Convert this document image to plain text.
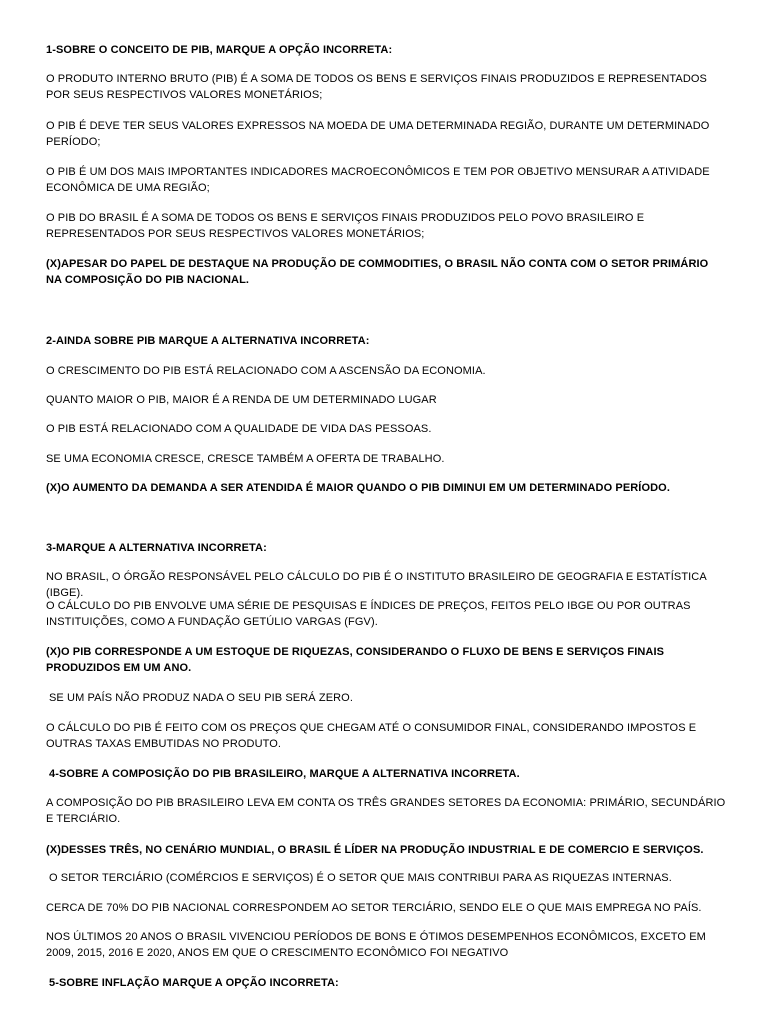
1-SOBRE O CONCEITO DE PIB, MARQUE A OPÇÃO INCORRETA:

O PRODUTO INTERNO BRUTO (PIB) É A SOMA DE TODOS OS BENS E SERVIÇOS FINAIS PRODUZIDOS E REPRESENTADOS POR SEUS RESPECTIVOS VALORES MONETÁRIOS;

O PIB É DEVE TER SEUS VALORES EXPRESSOS NA MOEDA DE UMA DETERMINADA REGIÃO, DURANTE UM DETERMINADO PERÍODO;

O PIB É UM DOS MAIS IMPORTANTES INDICADORES MACROECONÔMICOS E TEM POR OBJETIVO MENSURAR A ATIVIDADE ECONÔMICA DE UMA REGIÃO;

O PIB DO BRASIL É A SOMA DE TODOS OS BENS E SERVIÇOS FINAIS PRODUZIDOS PELO POVO BRASILEIRO E REPRESENTADOS POR SEUS RESPECTIVOS VALORES MONETÁRIOS;

(X)APESAR DO PAPEL DE DESTAQUE NA PRODUÇÃO DE COMMODITIES, O BRASIL NÃO CONTA COM O SETOR PRIMÁRIO NA COMPOSIÇÃO DO PIB NACIONAL.

2-AINDA SOBRE PIB MARQUE A ALTERNATIVA INCORRETA:

O CRESCIMENTO DO PIB ESTÁ RELACIONADO COM A ASCENSÃO DA ECONOMIA.

QUANTO MAIOR O PIB, MAIOR É A RENDA DE UM DETERMINADO LUGAR

O PIB ESTÁ RELACIONADO COM A QUALIDADE DE VIDA DAS PESSOAS.

SE UMA ECONOMIA CRESCE, CRESCE TAMBÉM A OFERTA DE TRABALHO.

(X)O AUMENTO DA DEMANDA A SER ATENDIDA É MAIOR QUANDO O PIB DIMINUI EM UM DETERMINADO PERÍODO.

3-MARQUE A ALTERNATIVA INCORRETA:

NO BRASIL, O ÓRGÃO RESPONSÁVEL PELO CÁLCULO DO PIB É O INSTITUTO BRASILEIRO DE GEOGRAFIA E ESTATÍSTICA (IBGE).

O CÁLCULO DO PIB ENVOLVE UMA SÉRIE DE PESQUISAS E ÍNDICES DE PREÇOS, FEITOS PELO IBGE OU POR OUTRAS INSTITUIÇÕES, COMO A FUNDAÇÃO GETÚLIO VARGAS (FGV).

(X)O PIB CORRESPONDE A UM ESTOQUE DE RIQUEZAS, CONSIDERANDO O FLUXO DE BENS E SERVIÇOS FINAIS PRODUZIDOS EM UM ANO.

SE UM PAÍS NÃO PRODUZ NADA O SEU PIB SERÁ ZERO.

O CÁLCULO DO PIB É FEITO COM OS PREÇOS QUE CHEGAM ATÉ O CONSUMIDOR FINAL, CONSIDERANDO IMPOSTOS E OUTRAS TAXAS EMBUTIDAS NO PRODUTO.

4-SOBRE A COMPOSIÇÃO DO PIB BRASILEIRO, MARQUE A ALTERNATIVA INCORRETA.

A COMPOSIÇÃO DO PIB BRASILEIRO LEVA EM CONTA OS TRÊS GRANDES SETORES DA ECONOMIA: PRIMÁRIO, SECUNDÁRIO E TERCIÁRIO.

(X)DESSES TRÊS, NO CENÁRIO MUNDIAL, O BRASIL É LÍDER NA PRODUÇÃO INDUSTRIAL E DE COMERCIO E SERVIÇOS.

O SETOR TERCIÁRIO (COMÉRCIOS E SERVIÇOS) É O SETOR QUE MAIS CONTRIBUI PARA AS RIQUEZAS INTERNAS.

CERCA DE 70% DO PIB NACIONAL CORRESPONDEM AO SETOR TERCIÁRIO, SENDO ELE O QUE MAIS EMPREGA NO PAÍS.

NOS ÚLTIMOS 20 ANOS O BRASIL VIVENCIOU PERÍODOS DE BONS E ÓTIMOS DESEMPENHOS ECONÔMICOS, EXCETO EM 2009, 2015, 2016 E 2020, ANOS EM QUE O CRESCIMENTO ECONÔMICO FOI NEGATIVO

5-SOBRE INFLAÇÃO MARQUE A OPÇÃO INCORRETA:
